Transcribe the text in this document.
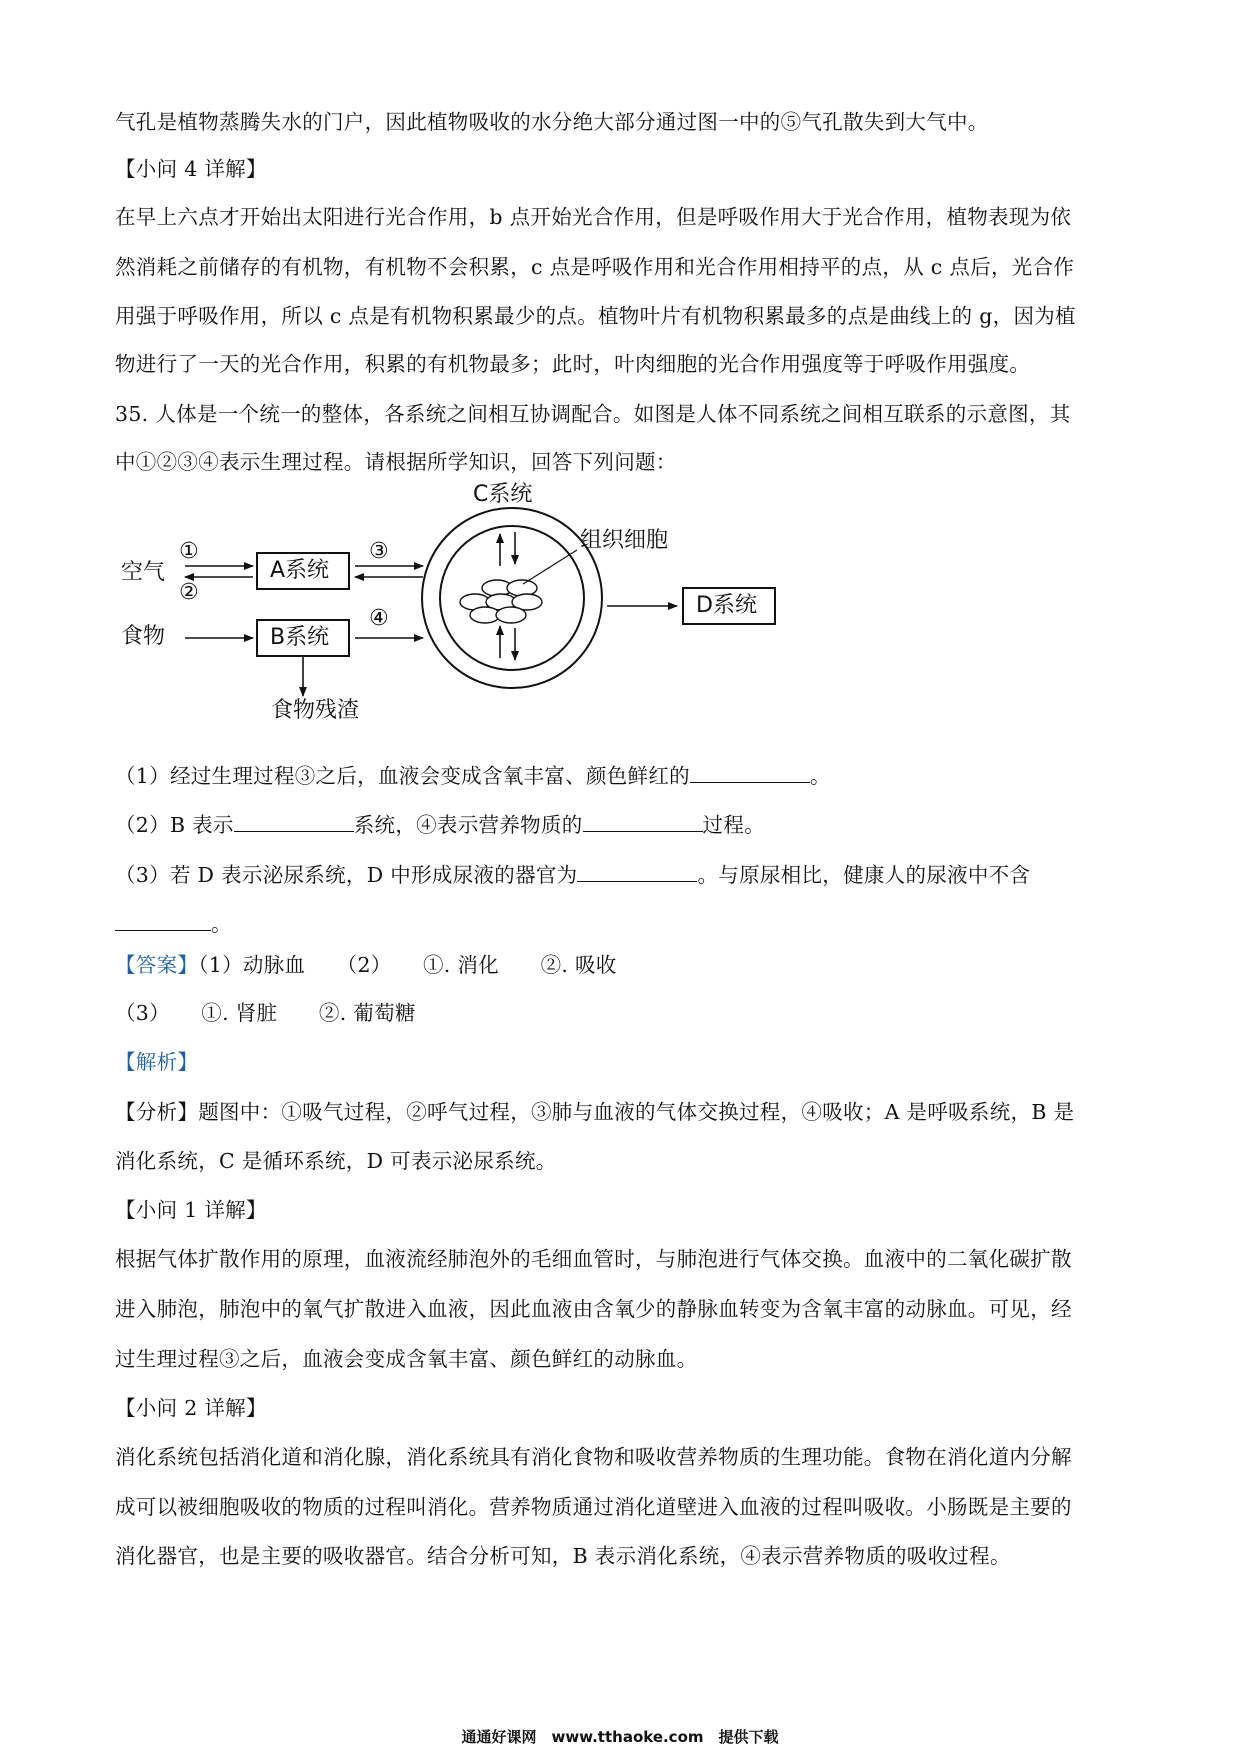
气孔是植物蒸腾失水的门户，因此植物吸收的水分绝大部分通过图一中的⑤气孔散失到大气中。
【小问 4 详解】
在早上六点才开始出太阳进行光合作用，b 点开始光合作用，但是呼吸作用大于光合作用，植物表现为依
然消耗之前储存的有机物，有机物不会积累，c 点是呼吸作用和光合作用相持平的点，从 c 点后，光合作
用强于呼吸作用，所以 c 点是有机物积累最少的点。植物叶片有机物积累最多的点是曲线上的 g，因为植
物进行了一天的光合作用，积累的有机物最多；此时，叶肉细胞的光合作用强度等于呼吸作用强度。
35. 人体是一个统一的整体，各系统之间相互协调配合。如图是人体不同系统之间相互联系的示意图，其
中①②③④表示生理过程。请根据所学知识，回答下列问题：
C系统
组织细胞
①
②
③
④
空气
食物
A系统
B系统
D系统
食物残渣
（1）经过生理过程③之后，血液会变成含氧丰富、颜色鲜红的	。
（2）B 表示	系统，④表示营养物质的	过程。
（3）若 D 表示泌尿系统，D 中形成尿液的器官为	。与原尿相比，健康人的尿液中不含
。
【答案】（1）动脉血　　（2）　　①. 消化　　②. 吸收
（3）　　①. 肾脏　　②. 葡萄糖
【解析】
【分析】题图中：①吸气过程，②呼气过程，③肺与血液的气体交换过程，④吸收；A 是呼吸系统，B 是
消化系统，C 是循环系统，D 可表示泌尿系统。
【小问 1 详解】
根据气体扩散作用的原理，血液流经肺泡外的毛细血管时，与肺泡进行气体交换。血液中的二氧化碳扩散
进入肺泡，肺泡中的氧气扩散进入血液，因此血液由含氧少的静脉血转变为含氧丰富的动脉血。可见，经
过生理过程③之后，血液会变成含氧丰富、颜色鲜红的动脉血。
【小问 2 详解】
消化系统包括消化道和消化腺，消化系统具有消化食物和吸收营养物质的生理功能。食物在消化道内分解
成可以被细胞吸收的物质的过程叫消化。营养物质通过消化道壁进入血液的过程叫吸收。小肠既是主要的
消化器官，也是主要的吸收器官。结合分析可知，B 表示消化系统，④表示营养物质的吸收过程。
通通好课网　www.tthaoke.com　提供下载
